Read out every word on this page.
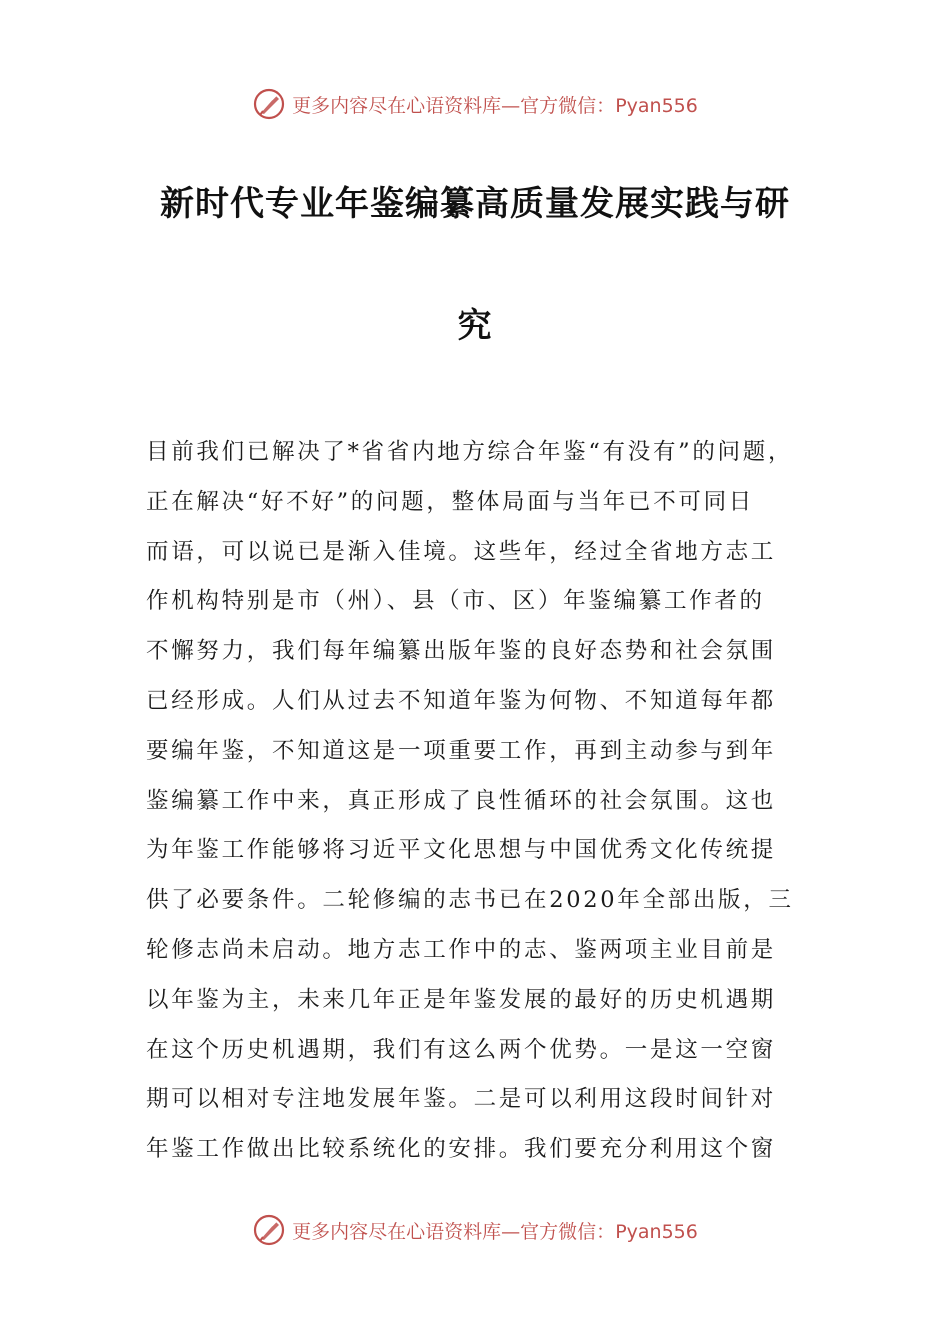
更多内容尽在心语资料库—官方微信：Pyan556
新时代专业年鉴编纂高质量发展实践与研
究
目前我们已解决了*省省内地方综合年鉴“有没有”的问题，
正在解决“好不好”的问题，整体局面与当年已不可同日
而语，可以说已是渐入佳境。这些年，经过全省地方志工
作机构特别是市（州）、县（市、区）年鉴编纂工作者的
不懈努力，我们每年编纂出版年鉴的良好态势和社会氛围
已经形成。人们从过去不知道年鉴为何物、不知道每年都
要编年鉴，不知道这是一项重要工作，再到主动参与到年
鉴编纂工作中来，真正形成了良性循环的社会氛围。这也
为年鉴工作能够将习近平文化思想与中国优秀文化传统提
供了必要条件。二轮修编的志书已在2020年全部出版，三
轮修志尚未启动。地方志工作中的志、鉴两项主业目前是
以年鉴为主，未来几年正是年鉴发展的最好的历史机遇期
在这个历史机遇期，我们有这么两个优势。一是这一空窗
期可以相对专注地发展年鉴。二是可以利用这段时间针对
年鉴工作做出比较系统化的安排。我们要充分利用这个窗
更多内容尽在心语资料库—官方微信：Pyan556
